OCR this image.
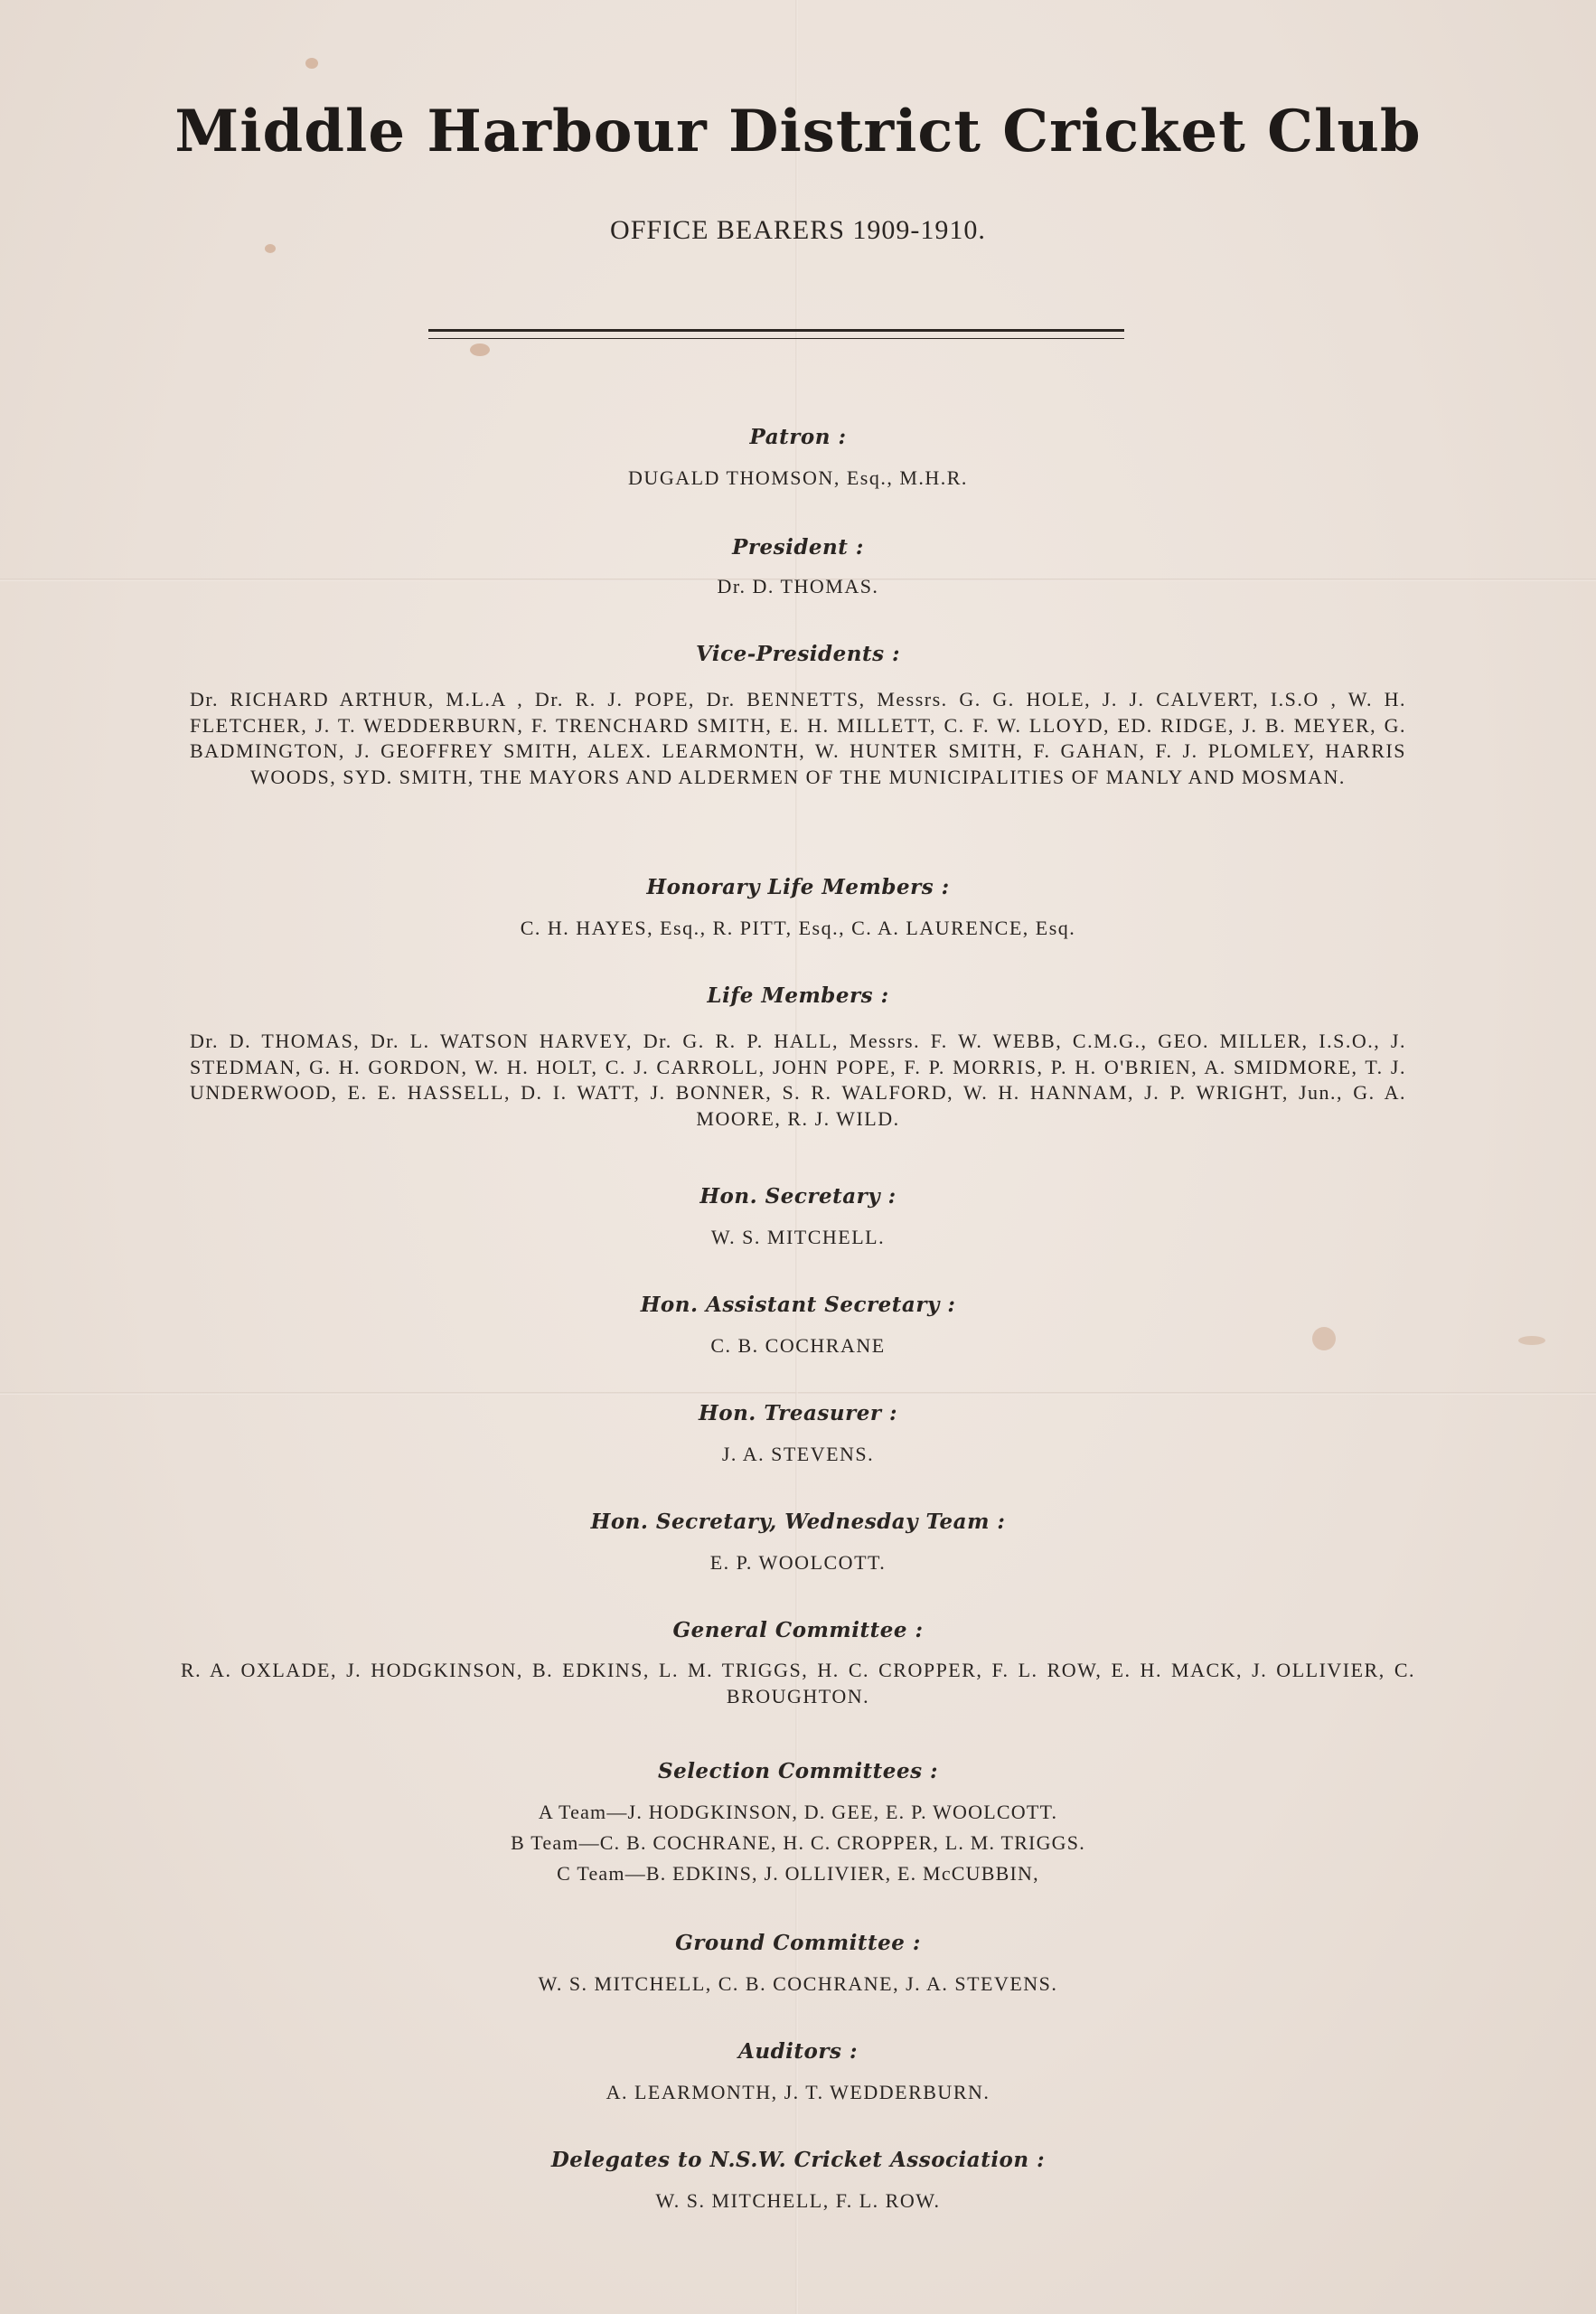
Middle Harbour District Cricket Club
OFFICE BEARERS 1909-1910.
Patron :
DUGALD THOMSON, Esq., M.H.R.
President :
Dr. D. THOMAS.
Vice-Presidents :
Dr. RICHARD ARTHUR, M.L.A , Dr. R. J. POPE, Dr. BENNETTS, Messrs. G. G. HOLE, J. J. CALVERT, I.S.O , W. H. FLETCHER, J. T. WEDDERBURN, F. TRENCHARD SMITH, E. H. MILLETT, C. F. W. LLOYD, ED. RIDGE, J. B. MEYER, G. BADMINGTON, J. GEOFFREY SMITH, ALEX. LEARMONTH, W. HUNTER SMITH, F. GAHAN, F. J. PLOMLEY, HARRIS WOODS, SYD. SMITH, THE MAYORS AND ALDERMEN OF THE MUNICIPALITIES OF MANLY AND MOSMAN.
Honorary Life Members :
C. H. HAYES, Esq., R. PITT, Esq., C. A. LAURENCE, Esq.
Life Members :
Dr. D. THOMAS, Dr. L. WATSON HARVEY, Dr. G. R. P. HALL, Messrs. F. W. WEBB, C.M.G., GEO. MILLER, I.S.O., J. STEDMAN, G. H. GORDON, W. H. HOLT, C. J. CARROLL, JOHN POPE, F. P. MORRIS, P. H. O'BRIEN, A. SMIDMORE, T. J. UNDERWOOD, E. E. HASSELL, D. I. WATT, J. BONNER, S. R. WALFORD, W. H. HANNAM, J. P. WRIGHT, Jun., G. A. MOORE, R. J. WILD.
Hon. Secretary :
W. S. MITCHELL.
Hon. Assistant Secretary :
C. B. COCHRANE
Hon. Treasurer :
J. A. STEVENS.
Hon. Secretary, Wednesday Team :
E. P. WOOLCOTT.
General Committee :
R. A. OXLADE, J. HODGKINSON, B. EDKINS, L. M. TRIGGS, H. C. CROPPER, F. L. ROW, E. H. MACK, J. OLLIVIER, C. BROUGHTON.
Selection Committees :
A Team—J. HODGKINSON, D. GEE, E. P. WOOLCOTT.
B Team—C. B. COCHRANE, H. C. CROPPER, L. M. TRIGGS.
C Team—B. EDKINS, J. OLLIVIER, E. McCUBBIN,
Ground Committee :
W. S. MITCHELL, C. B. COCHRANE, J. A. STEVENS.
Auditors :
A. LEARMONTH, J. T. WEDDERBURN.
Delegates to N.S.W. Cricket Association :
W. S. MITCHELL, F. L. ROW.
